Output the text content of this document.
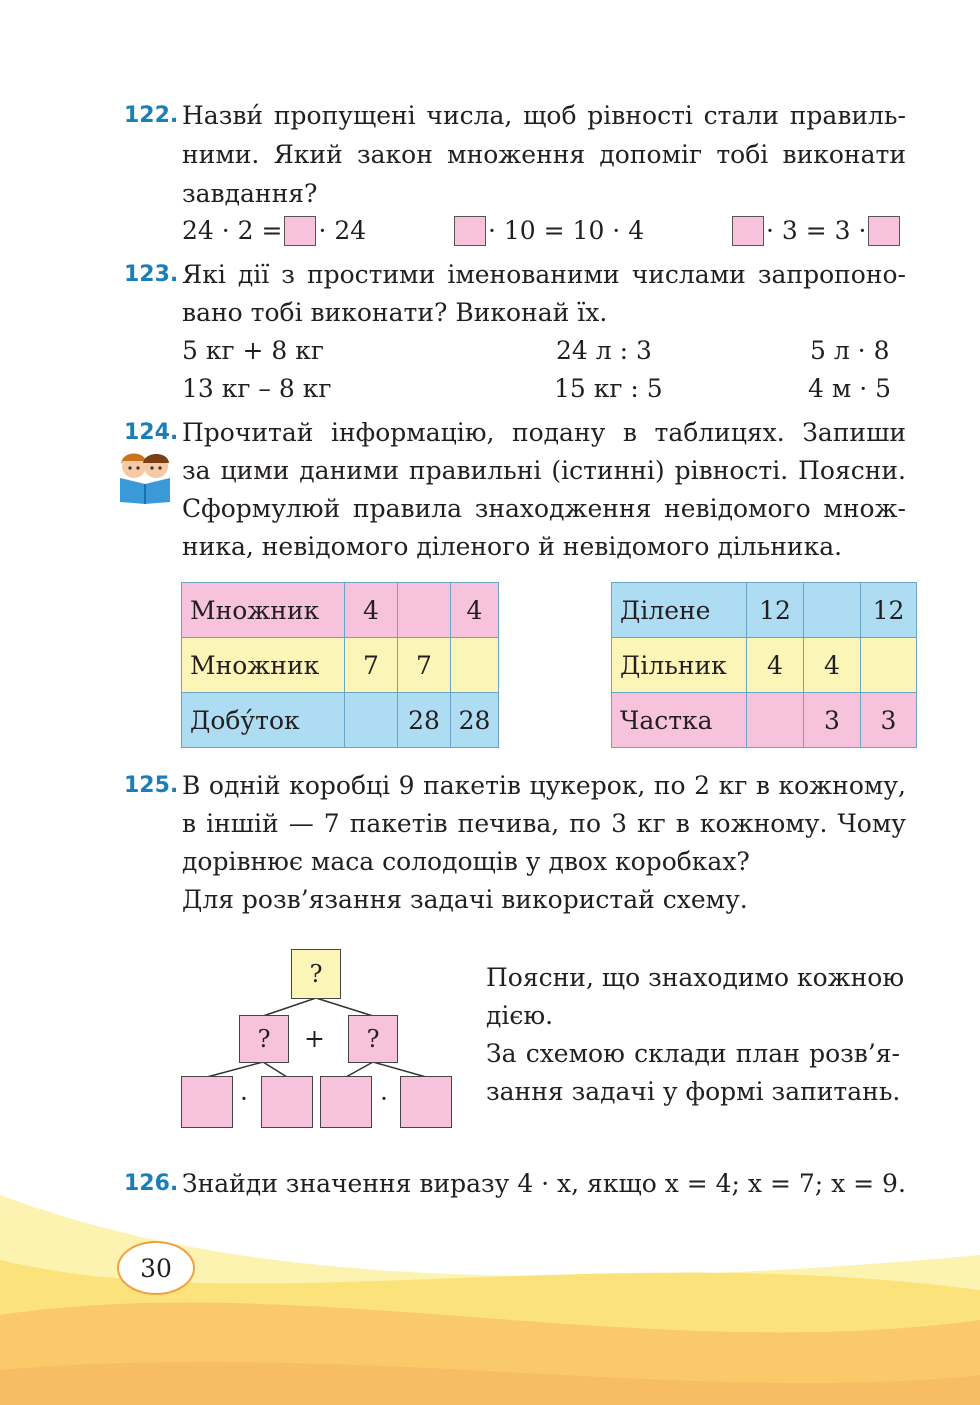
122. Назви́ пропущені числа, щоб рівності стали правиль-
ними. Який закон множення допоміг тобі виконати
завдання?
24 · 2 = · 24	· 10 = 10 · 4	· 3 = 3 ·
123. Які дії з простими іменованими числами запропоно-
вано тобі виконати? Виконай їх.
5 кг + 8 кг	24 л : 3	5 л · 8
13 кг – 8 кг	15 кг : 5	4 м · 5
124. Прочитай інформацію, подану в таблицях. Запиши
за цими даними правильні (істинні) рівності. Поясни.
Сформулюй правила знаходження невідомого множ-
ника, невідомого діленого й невідомого дільника.
Множник	4		4
Множник	7	7	
Добу́ток		28	28
Ділене	12		12
Дільник	4	4	
Частка		3	3
125. В одній коробці 9 пакетів цукерок, по 2 кг в кожному,
в іншій — 7 пакетів печива, по 3 кг в кожному. Чому
дорівнює маса солодощів у двох коробках?
Для розв’язання задачі використай схему.
?
?	+	?
·	·
Поясни, що знаходимо кожною
дією.
За схемою склади план розв’я-
зання задачі у формі запитань.
126. Знайди значення виразу 4 · x, якщо x = 4; x = 7; x = 9.
30
